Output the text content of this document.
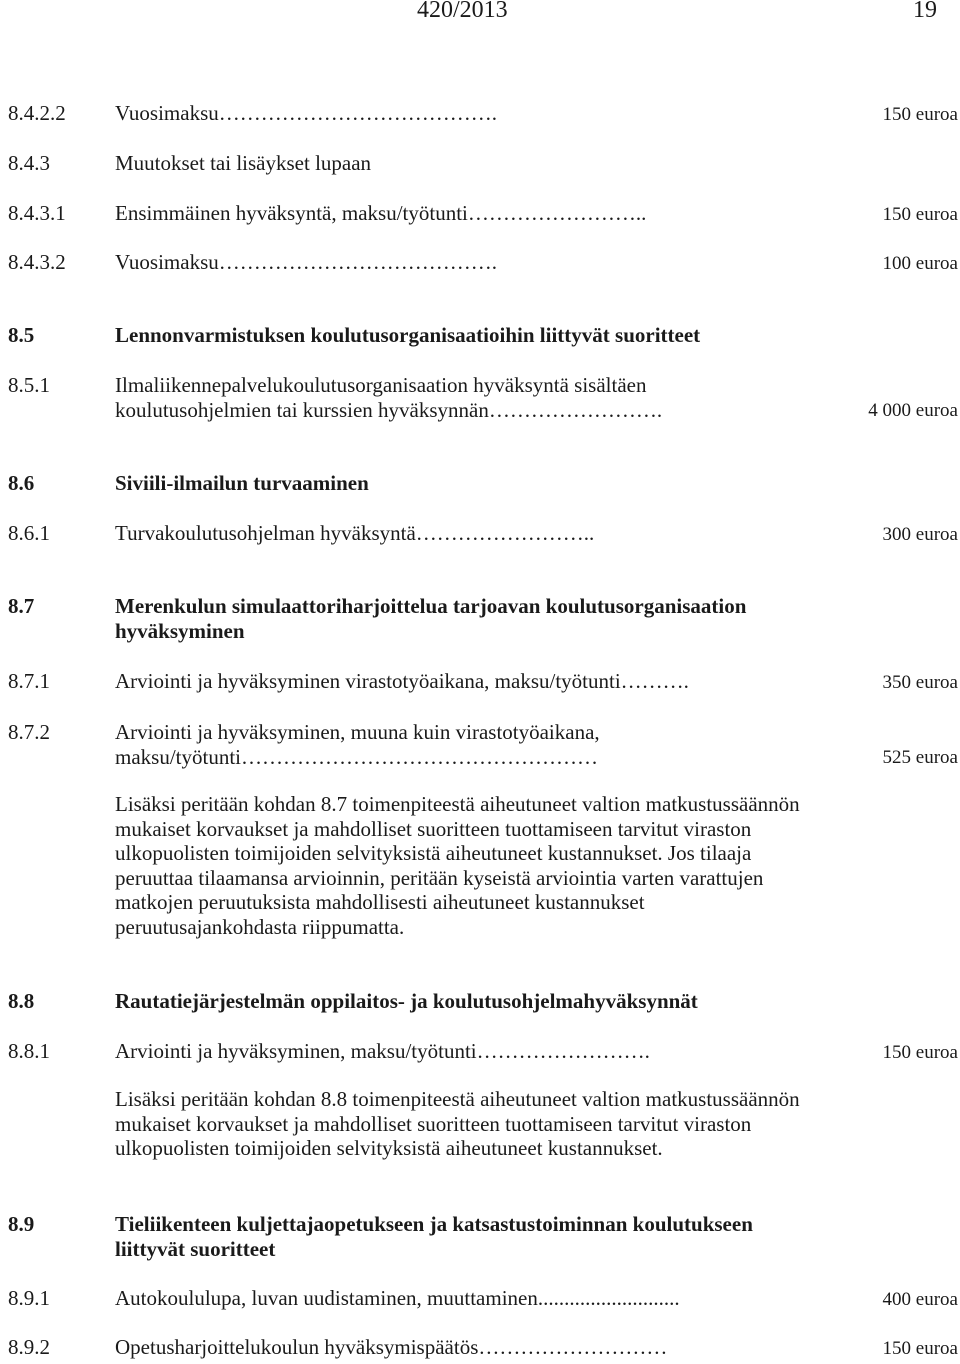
420/2013	19
8.4.2.2 Vuosimaksu………………………………….	150 euroa
8.4.3	Muutokset tai lisäykset lupaan
8.4.3.1 Ensimmäinen hyväksyntä, maksu/työtunti……………………..	150 euroa
8.4.3.2 Vuosimaksu………………………………….	100 euroa
8.5	Lennonvarmistuksen koulutusorganisaatioihin liittyvät suoritteet
8.5.1	Ilmaliikennepalvelukoulutusorganisaation hyväksyntä sisältäen koulutusohjelmien tai kurssien hyväksynnän…………………….	4 000 euroa
8.6	Siviili-ilmailun turvaaminen
8.6.1	Turvakoulutusohjelman hyväksyntä……………………..	300 euroa
8.7	Merenkulun simulaattoriharjoittelua tarjoavan koulutusorganisaation hyväksyminen
8.7.1	Arviointi ja hyväksyminen virastotyöaikana, maksu/työtunti……….	350 euroa
8.7.2	Arviointi ja hyväksyminen, muuna kuin virastotyöaikana, maksu/työtunti……………………………………………	525 euroa
Lisäksi peritään kohdan 8.7 toimenpiteestä aiheutuneet valtion matkustussäännön mukaiset korvaukset ja mahdolliset suoritteen tuottamiseen tarvitut viraston ulkopuolisten toimijoiden selvityksistä aiheutuneet kustannukset. Jos tilaaja peruuttaa tilaamansa arvioinnin, peritään kyseistä arviointia varten varattujen matkojen peruutuksista mahdollisesti aiheutuneet kustannukset peruutusajankohdasta riippumatta.
8.8	Rautatiejärjestelmän oppilaitos- ja koulutusohjelmahyväksynnät
8.8.1	Arviointi ja hyväksyminen, maksu/työtunti…………………….	150 euroa
Lisäksi peritään kohdan 8.8 toimenpiteestä aiheutuneet valtion matkustussäännön mukaiset korvaukset ja mahdolliset suoritteen tuottamiseen tarvitut viraston ulkopuolisten toimijoiden selvityksistä aiheutuneet kustannukset.
8.9	Tieliikenteen kuljettajaopetukseen ja katsastustoiminnan koulutukseen liittyvät suoritteet
8.9.1	Autokoululupa, luvan uudistaminen, muuttaminen...........................	400 euroa
8.9.2	Opetusharjoittelukoulun hyväksymispäätös………………………	150 euroa
